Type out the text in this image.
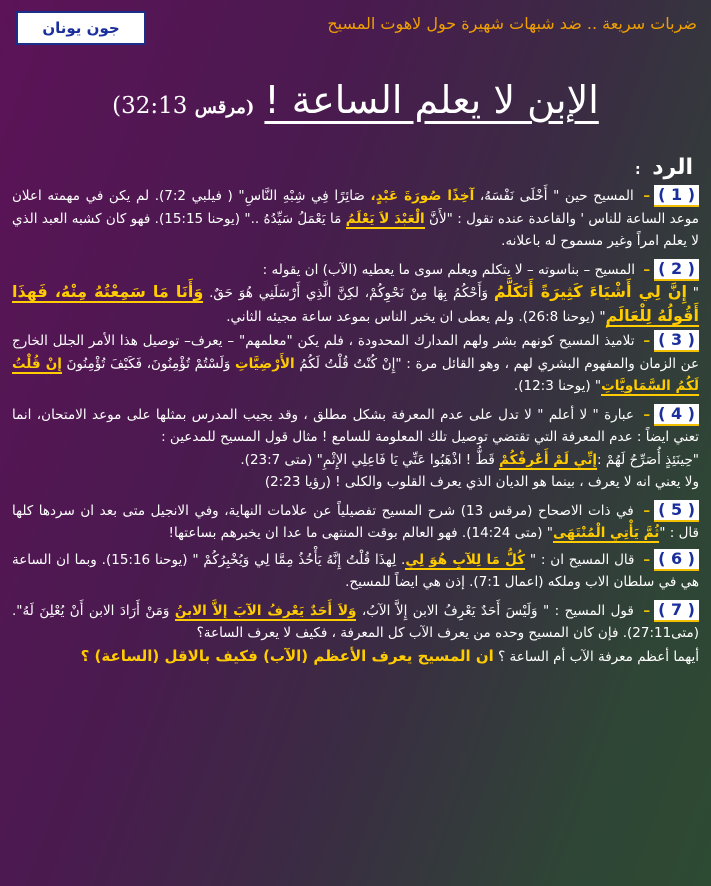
جون يونان	ضربات سريعة .. ضد شبهات شهيرة حول لاهوت المسيح
الإبن لا يعلم الساعة !
(مرقس 32:13)
الرد :

( 1 )– المسيح حين " أَخْلَى نَفْسَهُ، آخِذًا صُورَةَ عَبْدٍ، صَائِرًا فِي شِبْهِ النَّاسِ" ( فيلبي 7:2). لم يكن في مهمته اعلان موعد الساعة للناس ' والقاعدة عنده تقول : "لأَنَّ الْعَبْدَ لاَ يَعْلَمُ مَا يَعْمَلُ سَيِّدُهُ .." (يوحنا 15:15). فهو كان كشبه العبد الذي لا يعلم امراً وغير مسموح له باعلانه.

( 2 )– المسيح – بناسوته – لا يتكلم ويعلم سوى ما يعطيه (الآب) ان يقوله :
" إِنَّ لِي أَشْيَاءَ كَثِيرَةً أَتَكَلَّمُ وَأَحْكُمُ بِهَا مِنْ نَحْوِكُمْ، لكِنَّ الَّذِي أَرْسَلَنِي هُوَ حَقٌ. وَأَنَا مَا سَمِعْتُهُ مِنْهُ، فَهذَا أَقُولُهُ لِلْعَالَمِ" (يوحنا 26:8). ولم يعطى ان يخبر الناس بموعد ساعة مجيئه الثاني.

( 3 )– تلاميذ المسيح كونهم بشر ولهم المدارك المحدودة ، فلم يكن "معلمهم" – يعرف– توصيل هذا الأمر الجلل الخارج عن الزمان والمفهوم البشري لهم ، وهو القائل مرة : "إِنْ كُنْتُ قُلْتُ لَكُمُ الأَرْضِيَّاتِ وَلَسْتُمْ تُؤْمِنُونَ، فَكَيْفَ تُؤْمِنُونَ إِنْ قُلْتُ لَكُمُ السَّمَاوِيَّاتِ" (يوحنا 12:3).

( 4 )– عبارة " لا أعلم " لا تدل على عدم المعرفة بشكل مطلق ، وقد يجيب المدرس بمثلها على موعد الامتحان، انما تعني ايضاً : عدم المعرفة التي تقتضي توصيل تلك المعلومة للسامع ! مثال قول المسيح للمدعين :
"حِينَئِذٍ أُصَرِّحُ لَهُمْ :إِنِّي لَمْ أَعْرِفْكُمْ قَطُّ ! اذْهَبُوا عَنِّي يَا فَاعِلِي الإِثْمِ" (متى 23:7).
ولا يعني انه لا يعرف ، بينما هو الديان الذي يعرف القلوب والكلى ! (رؤيا 2:23)

( 5 )– في ذات الاصحاح (مرقس 13) شرح المسيح تفصيلياً عن علامات النهاية، وفي الانجيل متى بعد ان سردها كلها قال : "ثُمَّ يَأْتِي الْمُنْتَهَى" (متى 14:24). فهو العالم بوقت المنتهى ما عدا ان يخبرهم بساعتها!

( 6 )– قال المسيح ان : " كُلُّ مَا لِلآبِ هُوَ لِي. لِهذَا قُلْتُ إِنَّهُ يَأْخُذُ مِمَّا لِي وَيُخْبِرُكُمْ " (يوحنا 15:16). وبما ان الساعة هي في سلطان الاب وملكه (اعمال 7:1). إذن هي ايضاً للمسيح.

( 7 )– قول المسيح : " وَلَيْسَ أَحَدٌ يَعْرِفُ الابن إِلاَّ الآبُ، وَلاَ أَحَدٌ يَعْرِفُ الآبَ إِلاَّ الابنُ وَمَنْ أَرَادَ الابن أَنْ يُعْلِنَ لَهُ". (متى27:11). فإن كان المسيح وحده من يعرف الآب كل المعرفة ، فكيف لا يعرف الساعة؟
أيهما أعظم معرفة الآب أم الساعة ؟ ان المسيح يعرف الأعظم (الآب) فكيف بالاقل (الساعة) ؟
